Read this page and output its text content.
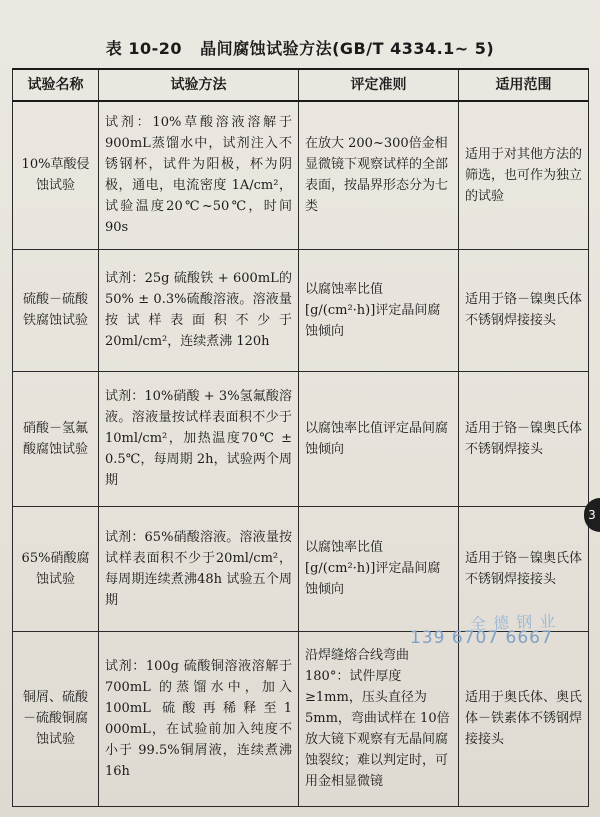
表 10-20 晶间腐蚀试验方法(GB/T 4334.1~ 5)
试验名称	试验方法	评定准则	适用范围
10%草酸侵蚀试验	试剂：10%草酸溶液溶解于900mL蒸馏水中，试剂注入不锈钢杯，试件为阳极，杯为阴极，通电，电流密度 1A/cm²，试验温度20℃~50℃，时间 90s	在放大 200~300倍金相显微镜下观察试样的全部表面，按晶界形态分为七类	适用于对其他方法的筛选，也可作为独立的试验
硫酸－硫酸铁腐蚀试验	试剂：25g 硫酸铁 + 600mL的 50% ± 0.3%硫酸溶液。溶液量按试样表面积不少于20ml/cm²，连续煮沸 120h	以腐蚀率比值[g/(cm²·h)]评定晶间腐蚀倾向	适用于铬－镍奥氏体不锈钢焊接接头
硝酸－氢氟酸腐蚀试验	试剂：10%硝酸 + 3%氢氟酸溶液。溶液量按试样表面积不少于 10ml/cm²，加热温度70℃ ± 0.5℃，每周期 2h，试验两个周期	以腐蚀率比值评定晶间腐蚀倾向	适用于铬－镍奥氏体不锈钢焊接头
65%硝酸腐蚀试验	试剂：65%硝酸溶液。溶液量按试样表面积不少于20ml/cm²，每周期连续煮沸48h 试验五个周期	以腐蚀率比值[g/(cm²·h)]评定晶间腐蚀倾向	适用于铬－镍奥氏体不锈钢焊接接头
铜屑、硫酸－硫酸铜腐蚀试验	试剂：100g 硫酸铜溶液溶解于 700mL 的蒸馏水中，加入 100mL 硫酸再稀释至1 000mL，在试验前加入纯度不小于 99.5%铜屑液，连续煮沸 16h	沿焊缝熔合线弯曲 180°：试件厚度≥1mm，压头直径为5mm，弯曲试样在 10倍放大镜下观察有无晶间腐蚀裂纹；难以判定时，可用金相显微镜	适用于奥氏体、奥氏体－铁素体不锈钢焊接接头
3
全 德 钢 业
139 6707 6667
